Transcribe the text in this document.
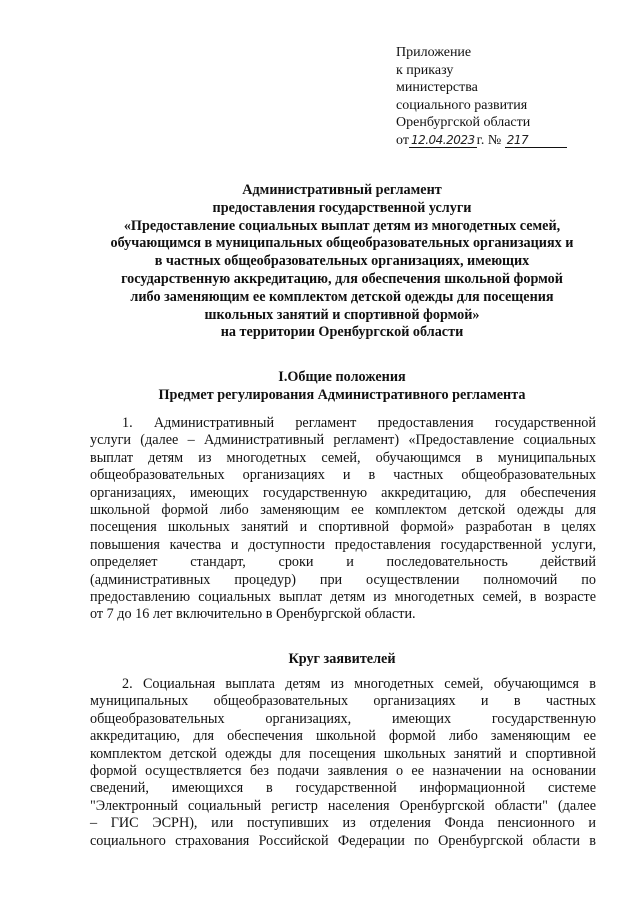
Приложение
к приказу
министерства
социального развития
Оренбургской области
от 12.04.2023 г. № 217
Административный регламент
предоставления государственной услуги
«Предоставление социальных выплат детям из многодетных семей,
обучающимся в муниципальных общеобразовательных организациях и
в частных общеобразовательных организациях, имеющих
государственную аккредитацию, для обеспечения школьной формой
либо заменяющим ее комплектом детской одежды для посещения
школьных занятий и спортивной формой»
на территории Оренбургской области
I.Общие положения
Предмет регулирования Административного регламента
1. Административный регламент предоставления государственной
услуги (далее – Административный регламент) «Предоставление социальных
выплат детям из многодетных семей, обучающимся в муниципальных
общеобразовательных организациях и в частных общеобразовательных
организациях, имеющих государственную аккредитацию, для обеспечения
школьной формой либо заменяющим ее комплектом детской одежды для
посещения школьных занятий и спортивной формой» разработан в целях
повышения качества и доступности предоставления государственной услуги,
определяет стандарт, сроки и последовательность действий
(административных процедур) при осуществлении полномочий по
предоставлению социальных выплат детям из многодетных семей, в возрасте
от 7 до 16 лет включительно в Оренбургской области.
Круг заявителей
2. Социальная выплата детям из многодетных семей, обучающимся в
муниципальных общеобразовательных организациях и в частных
общеобразовательных организациях, имеющих государственную
аккредитацию, для обеспечения школьной формой либо заменяющим ее
комплектом детской одежды для посещения школьных занятий и спортивной
формой осуществляется без подачи заявления о ее назначении на основании
сведений, имеющихся в государственной информационной системе
"Электронный социальный регистр населения Оренбургской области" (далее
– ГИС ЭСРН), или поступивших из отделения Фонда пенсионного и
социального страхования Российской Федерации по Оренбургской области в
